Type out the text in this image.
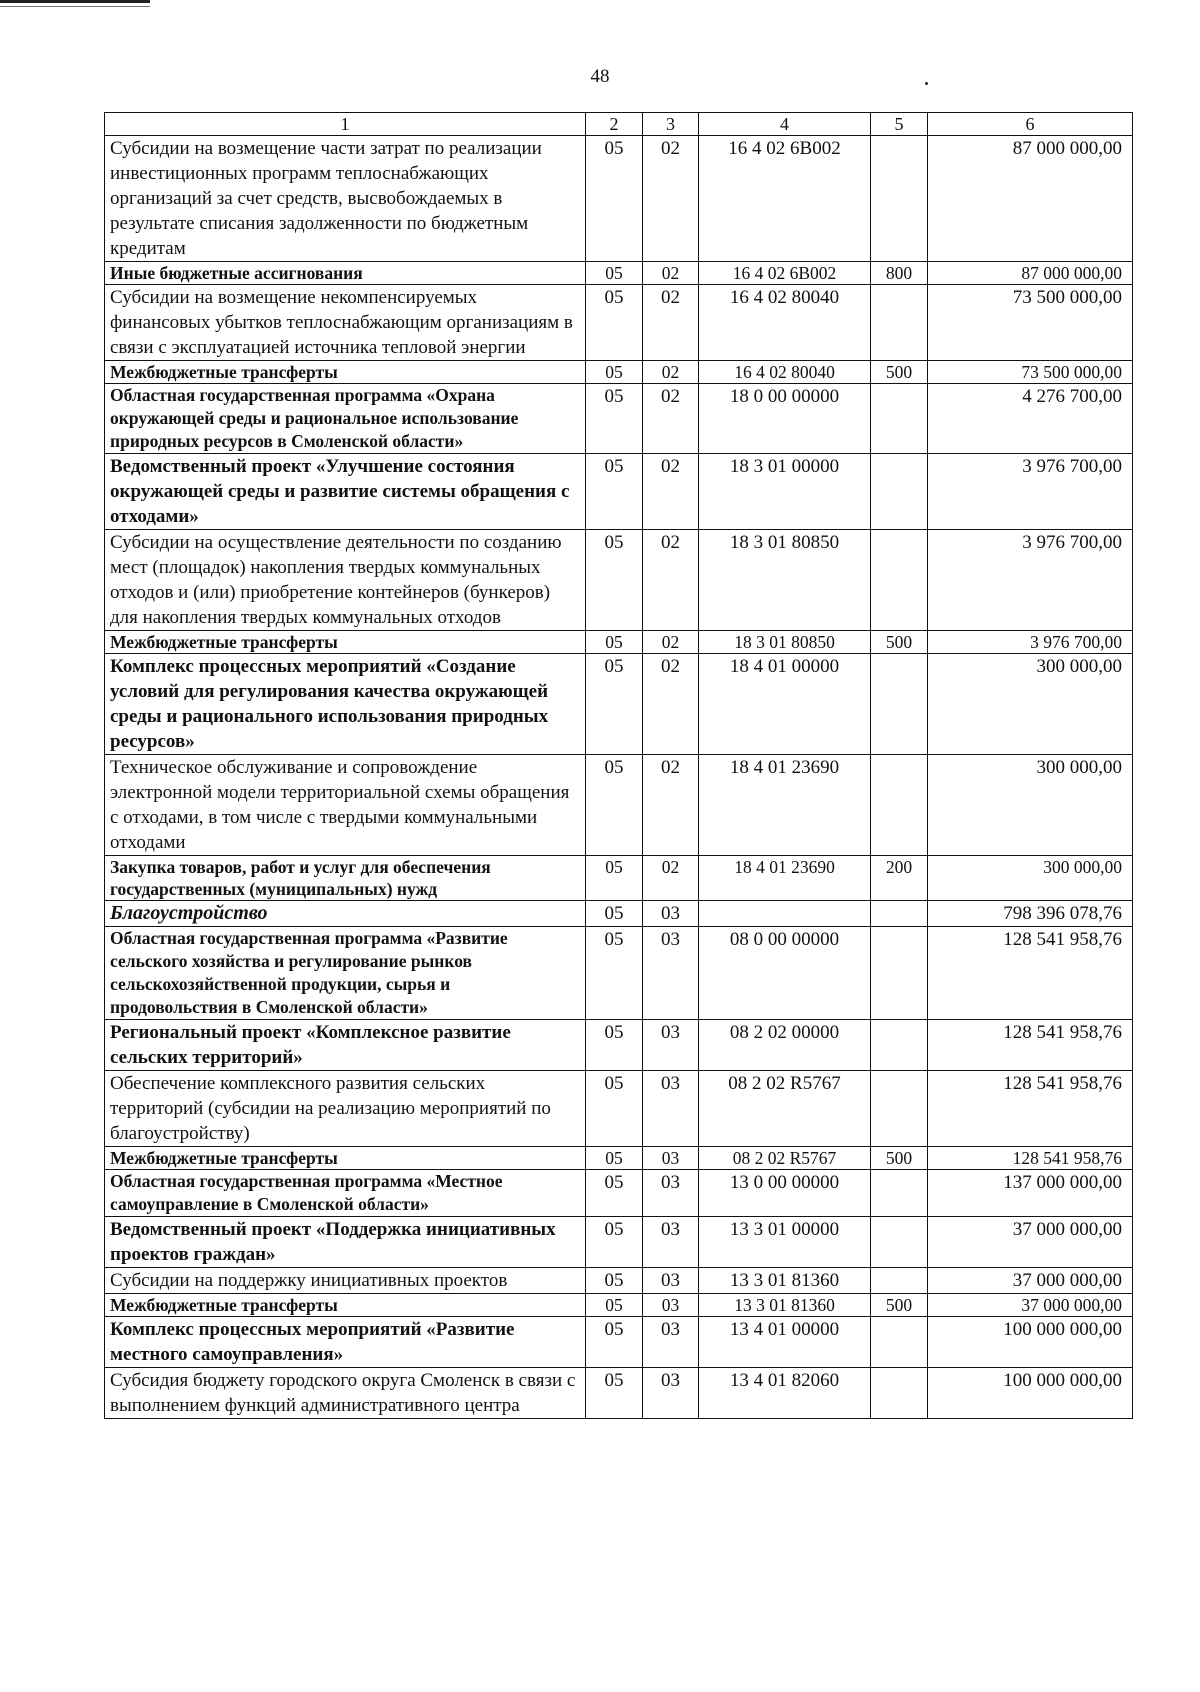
48
1	2	3	4	5	6
Субсидии на возмещение части затрат по реализации инвестиционных программ теплоснабжающих организаций за счет средств, высвобождаемых в результате списания задолженности по бюджетным кредитам	05	02	16 4 02 6В002		87 000 000,00
Иные бюджетные ассигнования	05	02	16 4 02 6В002	800	87 000 000,00
Субсидии на возмещение некомпенсируемых финансовых убытков теплоснабжающим организациям в связи с эксплуатацией источника тепловой энергии	05	02	16 4 02 80040		73 500 000,00
Межбюджетные трансферты	05	02	16 4 02 80040	500	73 500 000,00
Областная государственная программа «Охрана окружающей среды и рациональное использование природных ресурсов в Смоленской области»	05	02	18 0 00 00000		4 276 700,00
Ведомственный проект «Улучшение состояния окружающей среды и развитие системы обращения с отходами»	05	02	18 3 01 00000		3 976 700,00
Субсидии на осуществление деятельности по созданию мест (площадок) накопления твердых коммунальных отходов и (или) приобретение контейнеров (бункеров) для накопления твердых коммунальных отходов	05	02	18 3 01 80850		3 976 700,00
Межбюджетные трансферты	05	02	18 3 01 80850	500	3 976 700,00
Комплекс процессных мероприятий «Создание условий для регулирования качества окружающей среды и рационального использования природных ресурсов»	05	02	18 4 01 00000		300 000,00
Техническое обслуживание и сопровождение электронной модели территориальной схемы обращения с отходами, в том числе с твердыми коммунальными отходами	05	02	18 4 01 23690		300 000,00
Закупка товаров, работ и услуг для обеспечения государственных (муниципальных) нужд	05	02	18 4 01 23690	200	300 000,00
Благоустройство	05	03			798 396 078,76
Областная государственная программа «Развитие сельского хозяйства и регулирование рынков сельскохозяйственной продукции, сырья и продовольствия в Смоленской области»	05	03	08 0 00 00000		128 541 958,76
Региональный проект «Комплексное развитие сельских территорий»	05	03	08 2 02 00000		128 541 958,76
Обеспечение комплексного развития сельских территорий (субсидии на реализацию мероприятий по благоустройству)	05	03	08 2 02 R5767		128 541 958,76
Межбюджетные трансферты	05	03	08 2 02 R5767	500	128 541 958,76
Областная государственная программа «Местное самоуправление в Смоленской области»	05	03	13 0 00 00000		137 000 000,00
Ведомственный проект «Поддержка инициативных проектов граждан»	05	03	13 3 01 00000		37 000 000,00
Субсидии на поддержку инициативных проектов	05	03	13 3 01 81360		37 000 000,00
Межбюджетные трансферты	05	03	13 3 01 81360	500	37 000 000,00
Комплекс процессных мероприятий «Развитие местного самоуправления»	05	03	13 4 01 00000		100 000 000,00
Субсидия бюджету городского округа Смоленск в связи с выполнением функций административного центра	05	03	13 4 01 82060		100 000 000,00
